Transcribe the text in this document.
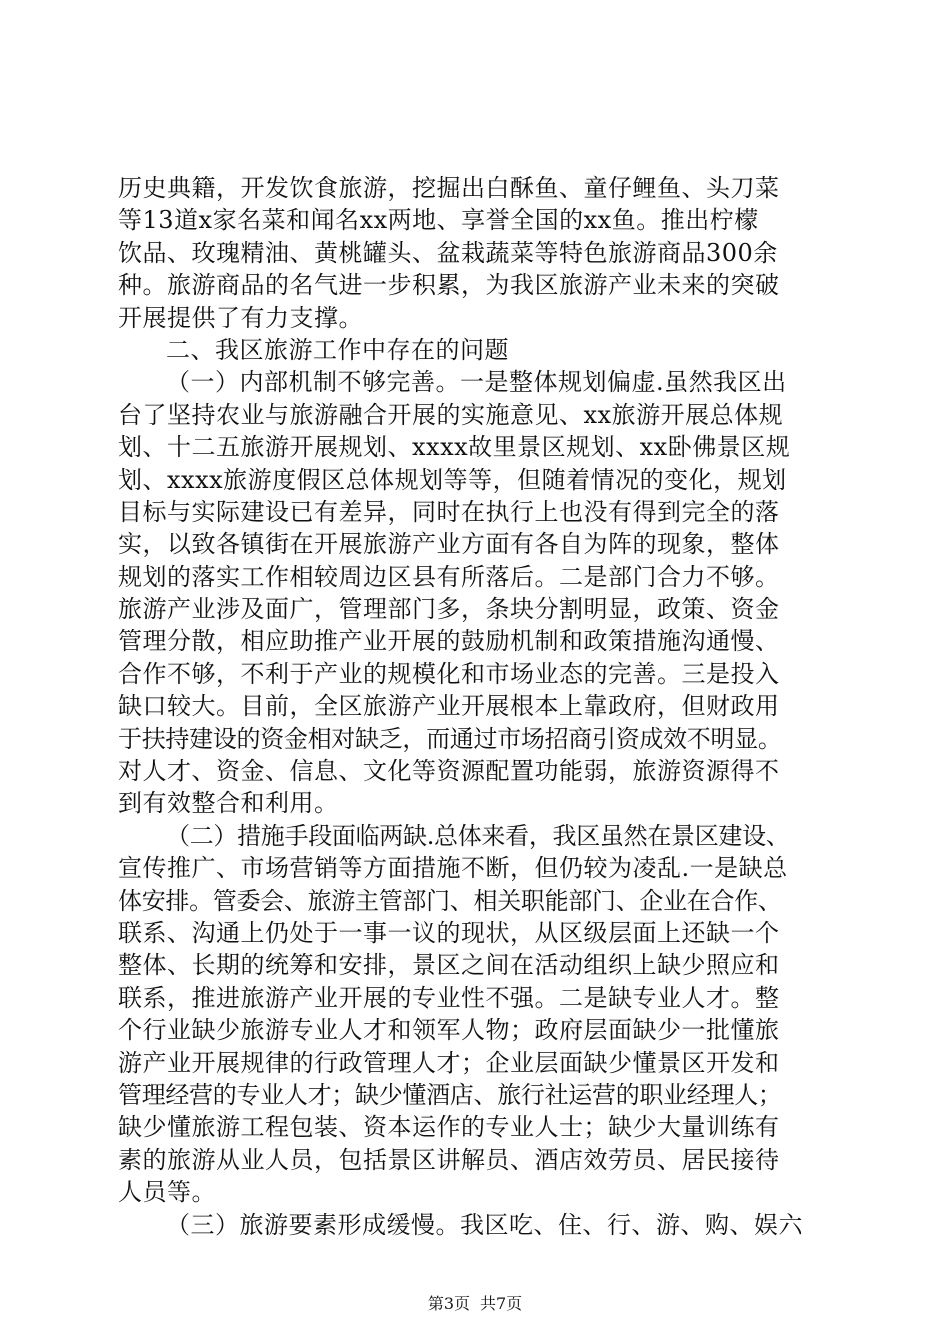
历史典籍，开发饮食旅游，挖掘出白酥鱼、童仔鲤鱼、头刀菜
等13道x家名菜和闻名xx两地、享誉全国的xx鱼。推出柠檬
饮品、玫瑰精油、黄桃罐头、盆栽蔬菜等特色旅游商品300余
种。旅游商品的名气进一步积累，为我区旅游产业未来的突破
开展提供了有力支撑。
二、我区旅游工作中存在的问题
（一）内部机制不够完善。一是整体规划偏虚.虽然我区出
台了坚持农业与旅游融合开展的实施意见、xx旅游开展总体规
划、十二五旅游开展规划、xxxx故里景区规划、xx卧佛景区规
划、xxxx旅游度假区总体规划等等，但随着情况的变化，规划
目标与实际建设已有差异，同时在执行上也没有得到完全的落
实，以致各镇街在开展旅游产业方面有各自为阵的现象，整体
规划的落实工作相较周边区县有所落后。二是部门合力不够。
旅游产业涉及面广，管理部门多，条块分割明显，政策、资金
管理分散，相应助推产业开展的鼓励机制和政策措施沟通慢、
合作不够，不利于产业的规模化和市场业态的完善。三是投入
缺口较大。目前，全区旅游产业开展根本上靠政府，但财政用
于扶持建设的资金相对缺乏，而通过市场招商引资成效不明显。
对人才、资金、信息、文化等资源配置功能弱，旅游资源得不
到有效整合和利用。
（二）措施手段面临两缺.总体来看，我区虽然在景区建设、
宣传推广、市场营销等方面措施不断，但仍较为凌乱.一是缺总
体安排。管委会、旅游主管部门、相关职能部门、企业在合作、
联系、沟通上仍处于一事一议的现状，从区级层面上还缺一个
整体、长期的统筹和安排，景区之间在活动组织上缺少照应和
联系，推进旅游产业开展的专业性不强。二是缺专业人才。整
个行业缺少旅游专业人才和领军人物；政府层面缺少一批懂旅
游产业开展规律的行政管理人才；企业层面缺少懂景区开发和
管理经营的专业人才；缺少懂酒店、旅行社运营的职业经理人；
缺少懂旅游工程包装、资本运作的专业人士；缺少大量训练有
素的旅游从业人员，包括景区讲解员、酒店效劳员、居民接待
人员等。
（三）旅游要素形成缓慢。我区吃、住、行、游、购、娱六
第3页 共7页
